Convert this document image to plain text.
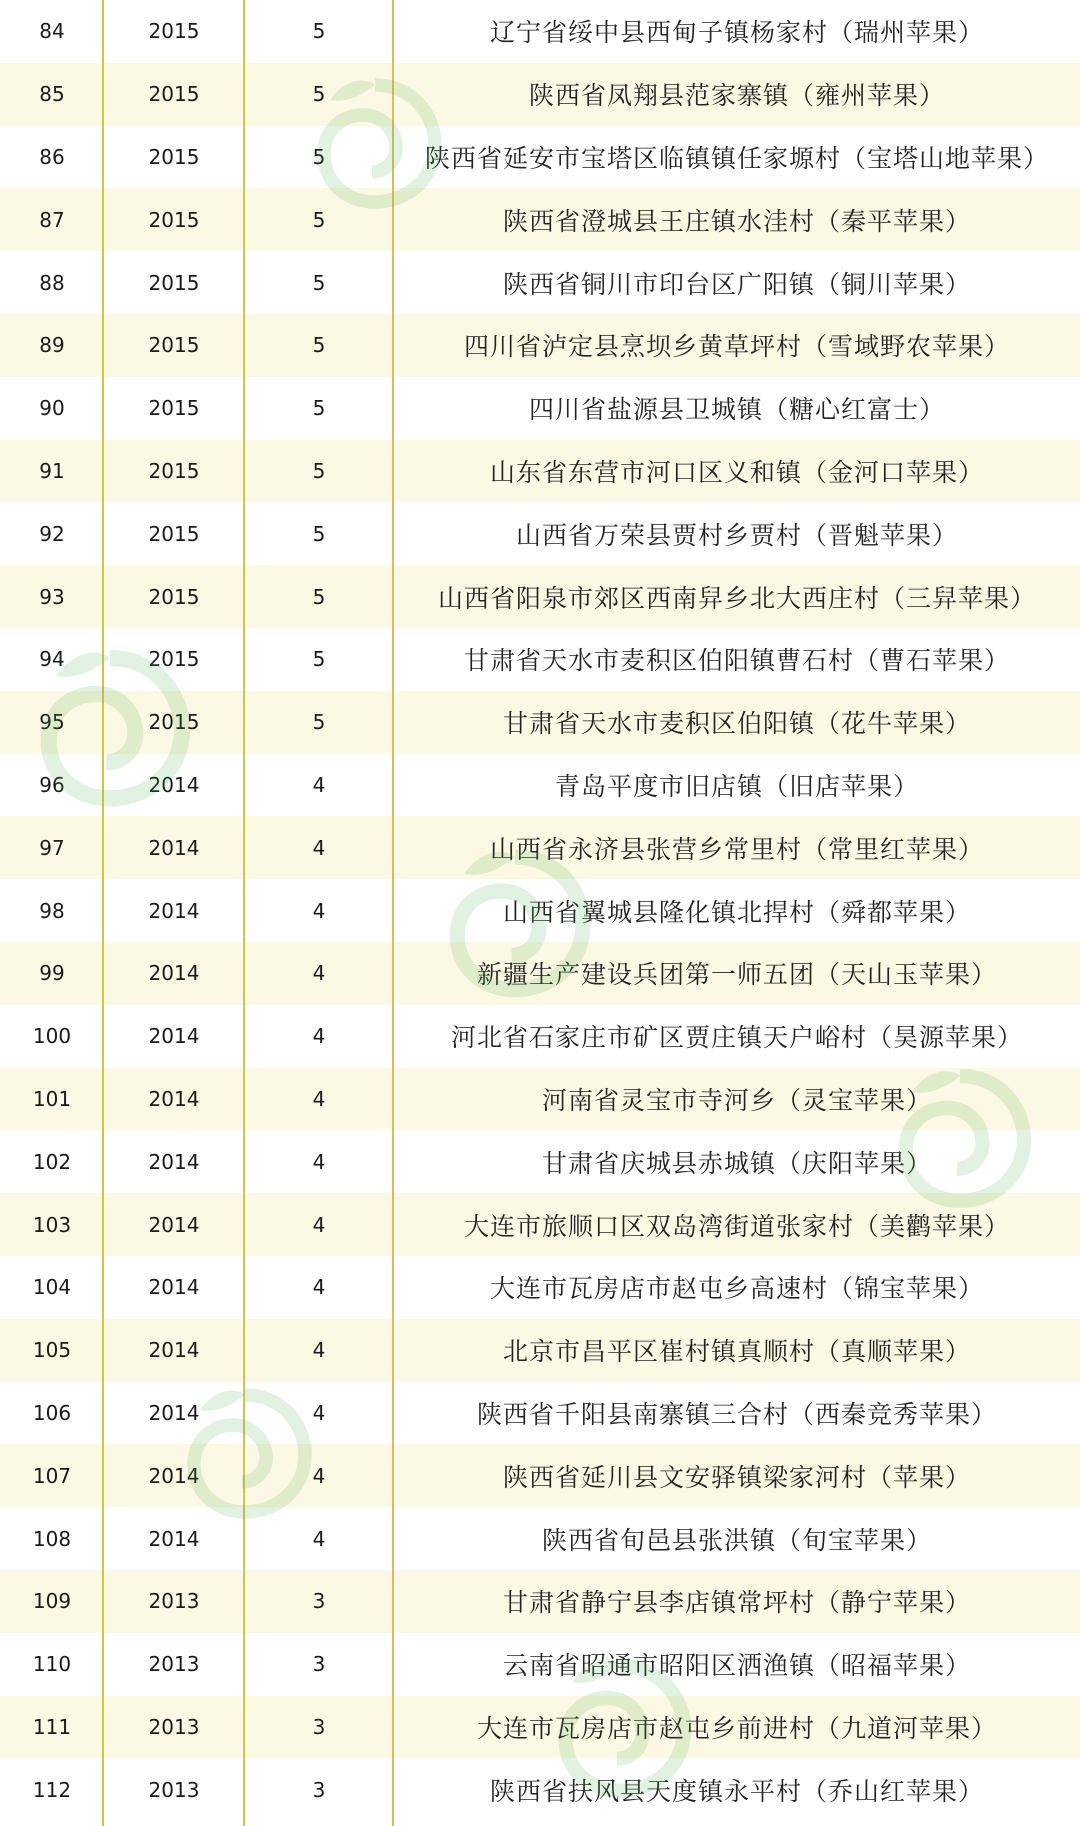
84	2015	5	辽宁省绥中县西甸子镇杨家村（瑞州苹果）
85	2015	5	陕西省凤翔县范家寨镇（雍州苹果）
86	2015	5	陕西省延安市宝塔区临镇镇任家塬村（宝塔山地苹果）
87	2015	5	陕西省澄城县王庄镇水洼村（秦平苹果）
88	2015	5	陕西省铜川市印台区广阳镇（铜川苹果）
89	2015	5	四川省泸定县烹坝乡黄草坪村（雪域野农苹果）
90	2015	5	四川省盐源县卫城镇（糖心红富士）
91	2015	5	山东省东营市河口区义和镇（金河口苹果）
92	2015	5	山西省万荣县贾村乡贾村（晋魁苹果）
93	2015	5	山西省阳泉市郊区西南舁乡北大西庄村（三舁苹果）
94	2015	5	甘肃省天水市麦积区伯阳镇曹石村（曹石苹果）
95	2015	5	甘肃省天水市麦积区伯阳镇（花牛苹果）
96	2014	4	青岛平度市旧店镇（旧店苹果）
97	2014	4	山西省永济县张营乡常里村（常里红苹果）
98	2014	4	山西省翼城县隆化镇北捍村（舜都苹果）
99	2014	4	新疆生产建设兵团第一师五团（天山玉苹果）
100	2014	4	河北省石家庄市矿区贾庄镇天户峪村（昊源苹果）
101	2014	4	河南省灵宝市寺河乡（灵宝苹果）
102	2014	4	甘肃省庆城县赤城镇（庆阳苹果）
103	2014	4	大连市旅顺口区双岛湾街道张家村（美鹳苹果）
104	2014	4	大连市瓦房店市赵屯乡高速村（锦宝苹果）
105	2014	4	北京市昌平区崔村镇真顺村（真顺苹果）
106	2014	4	陕西省千阳县南寨镇三合村（西秦竞秀苹果）
107	2014	4	陕西省延川县文安驿镇梁家河村（苹果）
108	2014	4	陕西省旬邑县张洪镇（旬宝苹果）
109	2013	3	甘肃省静宁县李店镇常坪村（静宁苹果）
110	2013	3	云南省昭通市昭阳区洒渔镇（昭福苹果）
111	2013	3	大连市瓦房店市赵屯乡前进村（九道河苹果）
112	2013	3	陕西省扶风县天度镇永平村（乔山红苹果）
